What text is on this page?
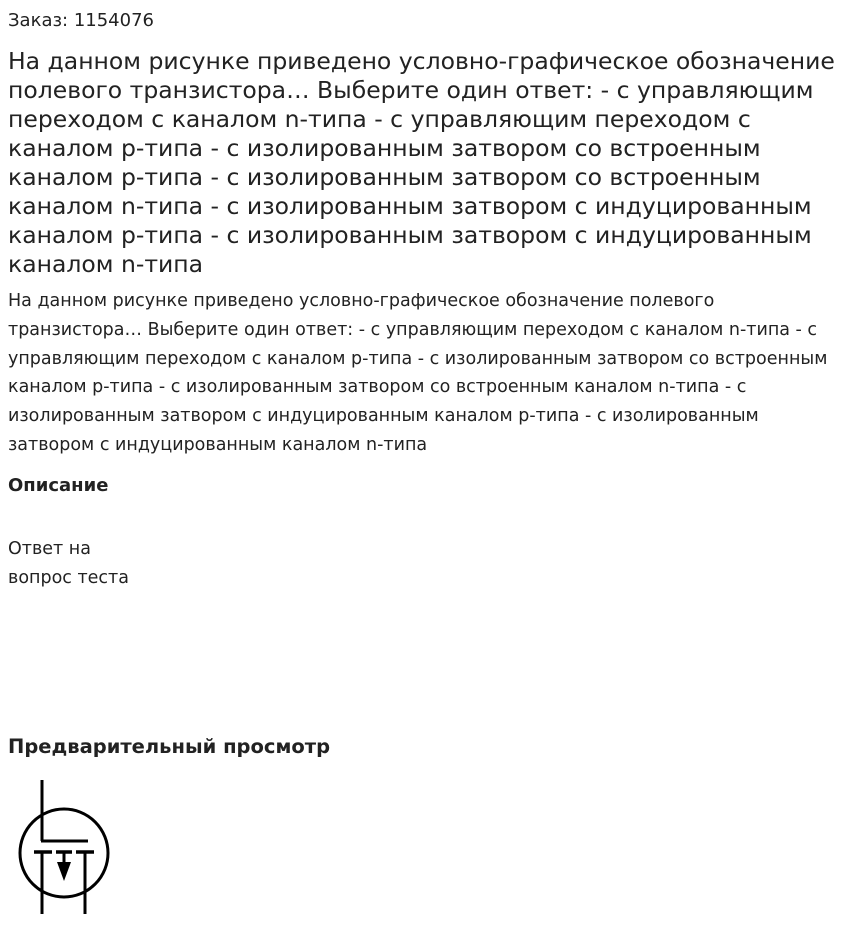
Заказ: 1154076
На данном рисунке приведено условно-графическое обозначение полевого транзистора… Выберите один ответ: - с управляющим переходом с каналом n-типа - с управляющим переходом с каналом p-типа - с изолированным затвором со встроенным каналом p-типа - с изолированным затвором со встроенным каналом n-типа - с изолированным затвором с индуцированным каналом p-типа - с изолированным затвором с индуцированным каналом n-типа

На данном рисунке приведено условно-графическое обозначение полевого транзистора… Выберите один ответ: - с управляющим переходом с каналом n-типа - с управляющим переходом с каналом p-типа - с изолированным затвором со встроенным каналом p-типа - с изолированным затвором со встроенным каналом n-типа - с изолированным затвором с индуцированным каналом p-типа - с изолированным затвором с индуцированным каналом n-типа

Описание

Ответ на вопрос теста

Предварительный просмотр
